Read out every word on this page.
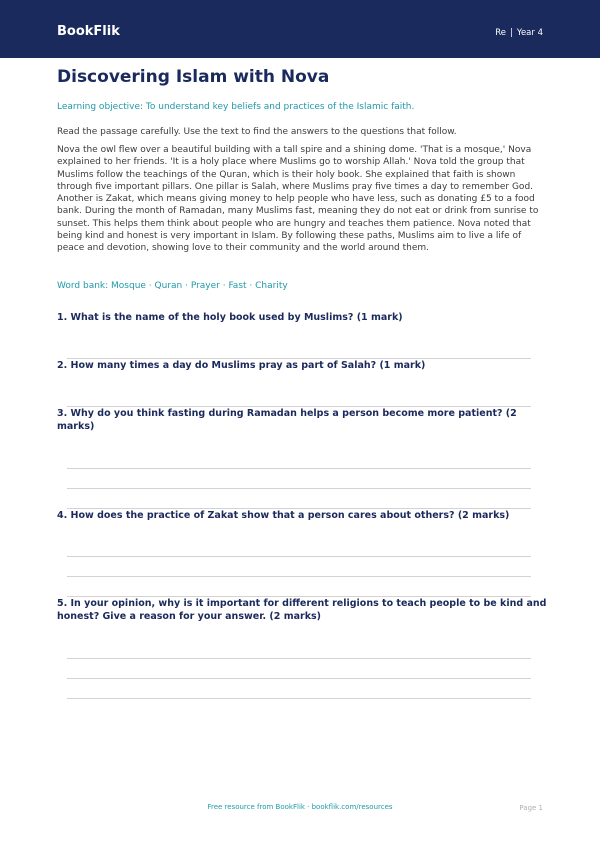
BookFlik	Re | Year 4
Discovering Islam with Nova
Learning objective: To understand key beliefs and practices of the Islamic faith.
Read the passage carefully. Use the text to find the answers to the questions that follow.
Nova the owl flew over a beautiful building with a tall spire and a shining dome. 'That is a mosque,' Nova explained to her friends. 'It is a holy place where Muslims go to worship Allah.' Nova told the group that Muslims follow the teachings of the Quran, which is their holy book. She explained that faith is shown through five important pillars. One pillar is Salah, where Muslims pray five times a day to remember God. Another is Zakat, which means giving money to help people who have less, such as donating £5 to a food bank. During the month of Ramadan, many Muslims fast, meaning they do not eat or drink from sunrise to sunset. This helps them think about people who are hungry and teaches them patience. Nova noted that being kind and honest is very important in Islam. By following these paths, Muslims aim to live a life of peace and devotion, showing love to their community and the world around them.
Word bank: Mosque · Quran · Prayer · Fast · Charity
1. What is the name of the holy book used by Muslims? (1 mark)
2. How many times a day do Muslims pray as part of Salah? (1 mark)
3. Why do you think fasting during Ramadan helps a person become more patient? (2 marks)
4. How does the practice of Zakat show that a person cares about others? (2 marks)
5. In your opinion, why is it important for different religions to teach people to be kind and honest? Give a reason for your answer. (2 marks)
Free resource from BookFlik · bookflik.com/resources	Page 1
